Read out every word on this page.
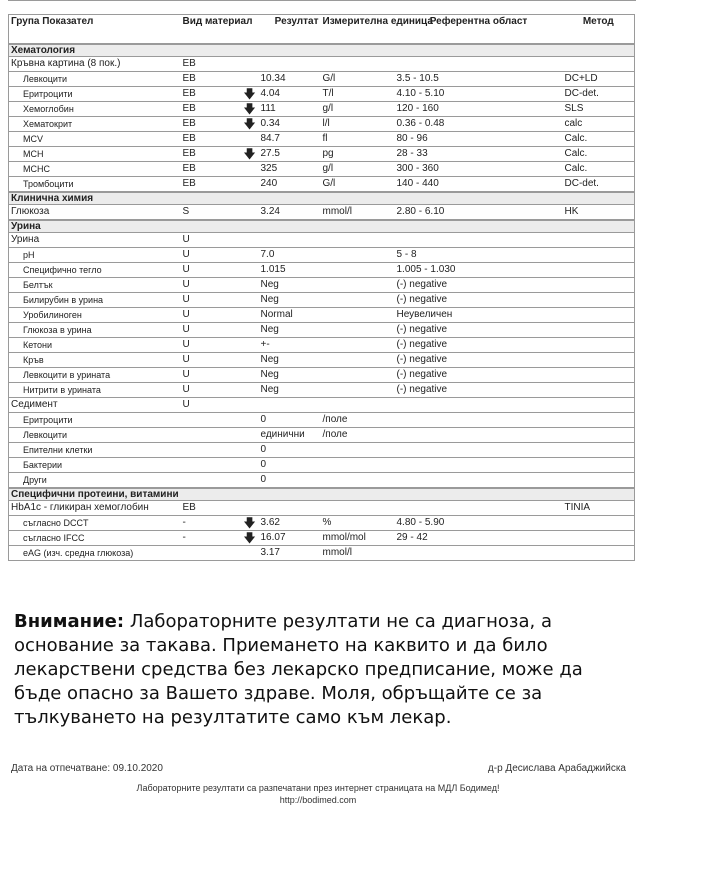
Група Показател	Вид материал	Резултат		Измерителна единица	Референтна област	Метод
Хематология						
Кръвна картина (8 пок.)	EB					
Левкоцити	EB		10.34	G/l	3.5 - 10.5	DC+LD
Еритроцити	EB	🡇	4.04	T/l	4.10 - 5.10	DC-det.
Хемоглобин	EB	🡇	111	g/l	120 - 160	SLS
Хематокрит	EB	🡇	0.34	l/l	0.36 - 0.48	calc
MCV	EB		84.7	fl	80 - 96	Calc.
MCH	EB	🡇	27.5	pg	28 - 33	Calc.
MCHC	EB		325	g/l	300 - 360	Calc.
Тромбоцити	EB		240	G/l	140 - 440	DC-det.
Клинична химия						
Глюкоза	S		3.24	mmol/l	2.80 - 6.10	HK
Урина						
Урина	U					
pH	U		7.0		5 - 8	
Специфично тегло	U		1.015		1.005 - 1.030	
Белтък	U		Neg		(-) negative	
Билирубин в урина	U		Neg		(-) negative	
Уробилиноген	U		Normal		Неувеличен	
Глюкоза в урина	U		Neg		(-) negative	
Кетони	U		+-		(-) negative	
Кръв	U		Neg		(-) negative	
Левкоцити в урината	U		Neg		(-) negative	
Нитрити в урината	U		Neg		(-) negative	
Седимент	U					
Еритроцити			0	/поле		
Левкоцити			единични	/поле		
Епителни клетки			0			
Бактерии			0			
Други			0			
Специфични протеини, витамини						
HbA1c - гликиран хемоглобин	EB					TINIA
съгласно DCCT	-	🡇	3.62	%	4.80 - 5.90	
съгласно IFCC	-	🡇	16.07	mmol/mol	29 - 42	
eAG (изч. средна глюкоза)			3.17	mmol/l		
Внимание: Лабораторните резултати не са диагноза, а основание за такава. Приемането на каквито и да било лекарствени средства без лекарско предписание, може да бъде опасно за Вашето здраве. Моля, обръщайте се за тълкуването на резултатите само към лекар.
Дата на отпечатване: 09.10.2020	д-р Десислава Арабаджийска
Лабораторните резултати са разпечатани през интернет страницата на МДЛ Бодимед!
http://bodimed.com
